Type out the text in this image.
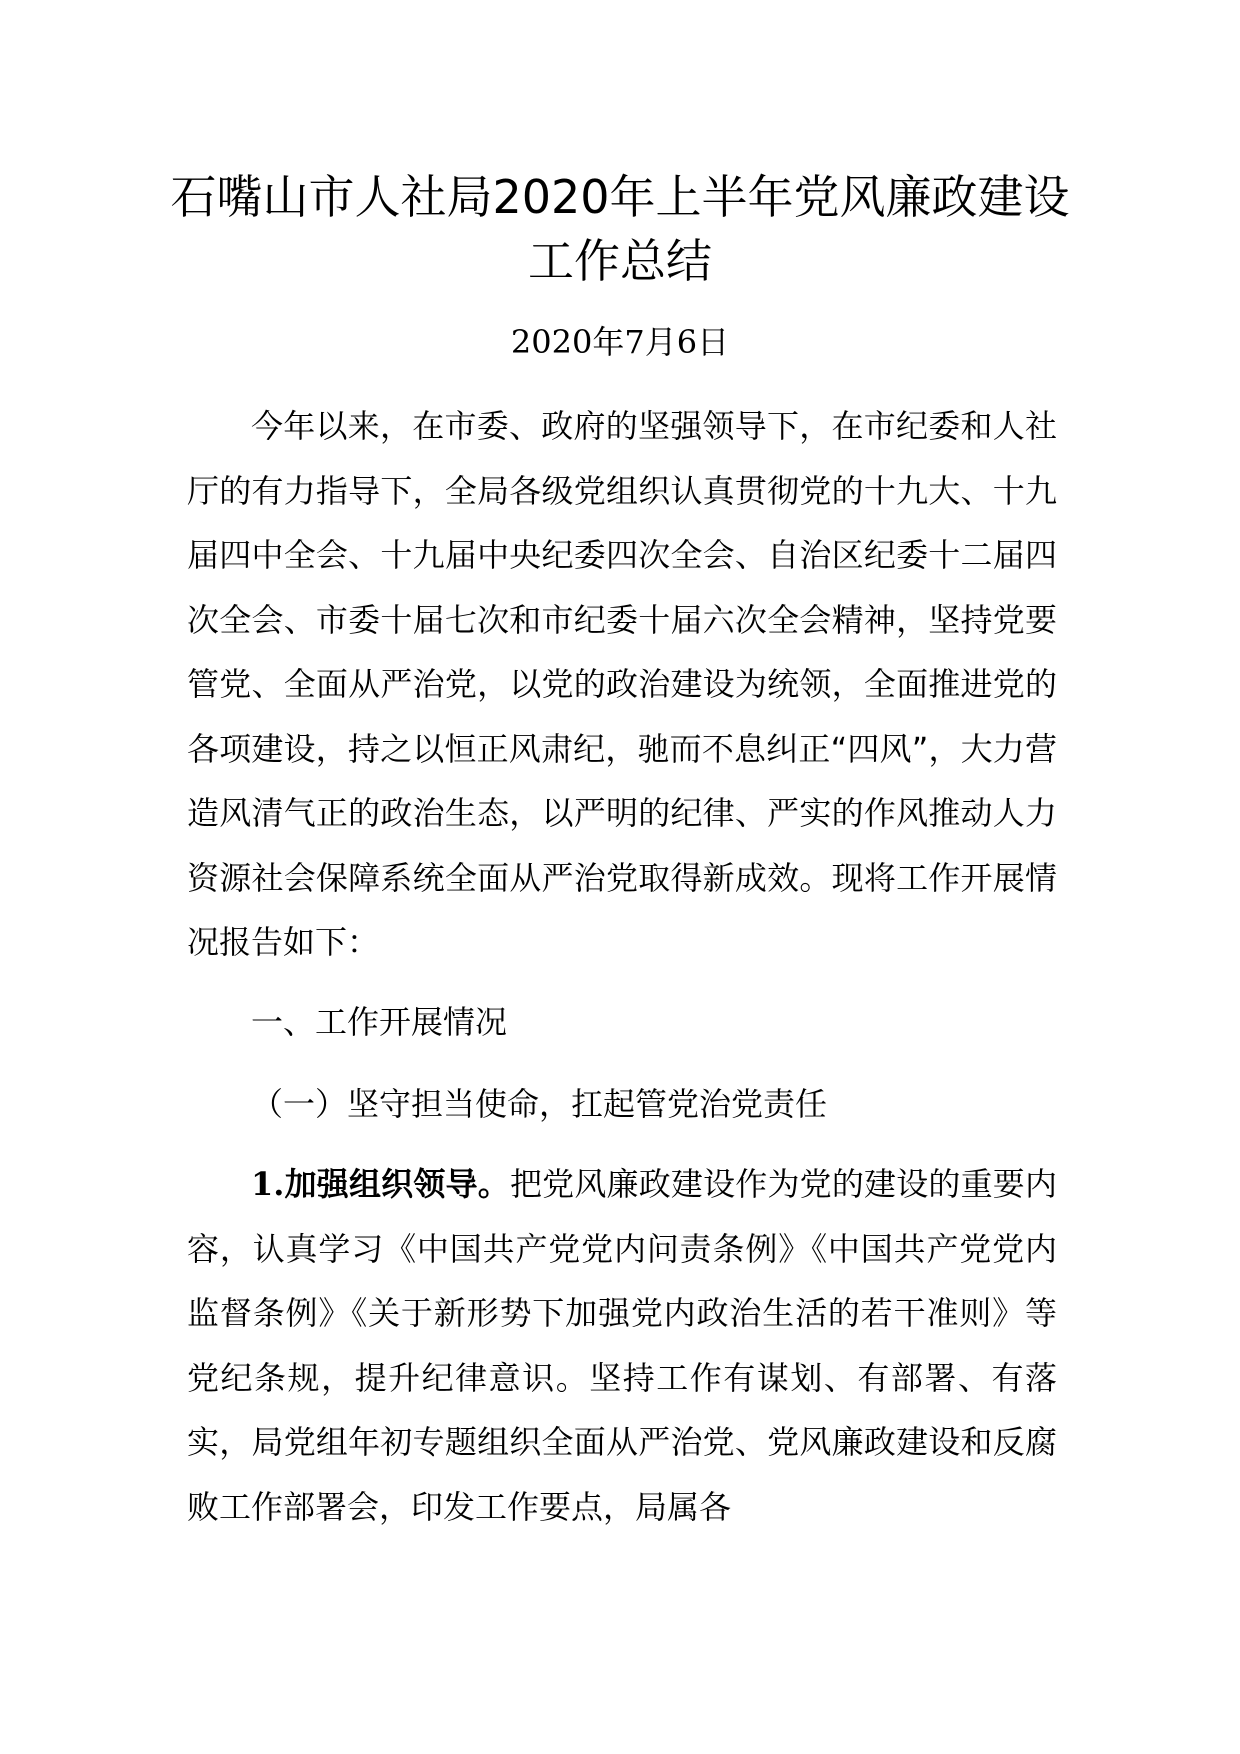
石嘴山市人社局2020年上半年党风廉政建设工作总结
2020年7月6日

今年以来，在市委、政府的坚强领导下，在市纪委和人社厅的有力指导下，全局各级党组织认真贯彻党的十九大、十九届四中全会、十九届中央纪委四次全会、自治区纪委十二届四次全会、市委十届七次和市纪委十届六次全会精神，坚持党要管党、全面从严治党，以党的政治建设为统领，全面推进党的各项建设，持之以恒正风肃纪，驰而不息纠正“四风”，大力营造风清气正的政治生态，以严明的纪律、严实的作风推动人力资源社会保障系统全面从严治党取得新成效。现将工作开展情况报告如下：

一、工作开展情况
（一）坚守担当使命，扛起管党治党责任

1.加强组织领导。把党风廉政建设作为党的建设的重要内容，认真学习《中国共产党党内问责条例》《中国共产党党内监督条例》《关于新形势下加强党内政治生活的若干准则》等党纪条规，提升纪律意识。坚持工作有谋划、有部署、有落实，局党组年初专题组织全面从严治党、党风廉政建设和反腐败工作部署会，印发工作要点，局属各
